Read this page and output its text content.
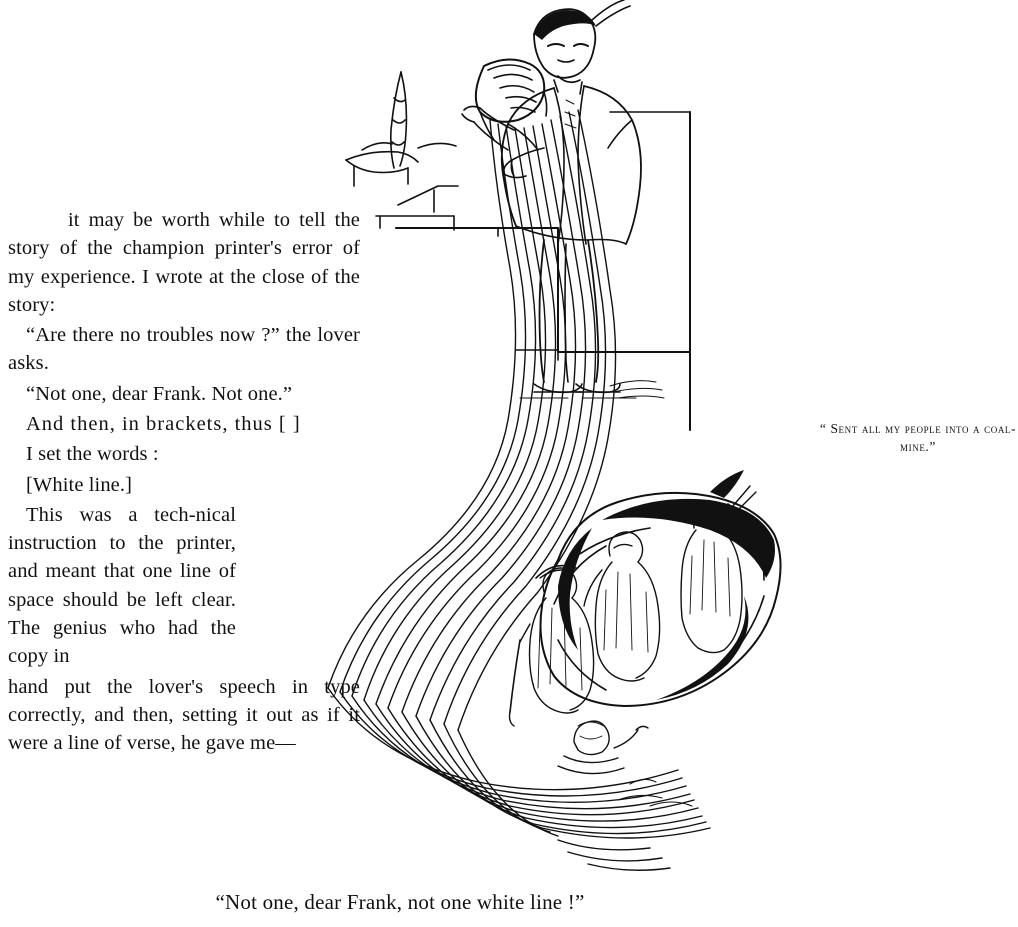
“ Sent all my people into a coal-mine.”

it may be worth while to tell the story of the champion printer's error of my experience. I wrote at the close of the story:

“Are there no troubles now ?” the lover asks.

“Not one, dear Frank. Not one.”

And then, in brackets, thus [ ]

I set the words :

[White line.]

This was a tech-nical instruction to the printer, and meant that one line of space should be left clear. The genius who had the copy in

hand put the lover's speech in type correctly, and then, setting it out as if it were a line of verse, he gave me—

“Not one, dear Frank, not one white line !”
